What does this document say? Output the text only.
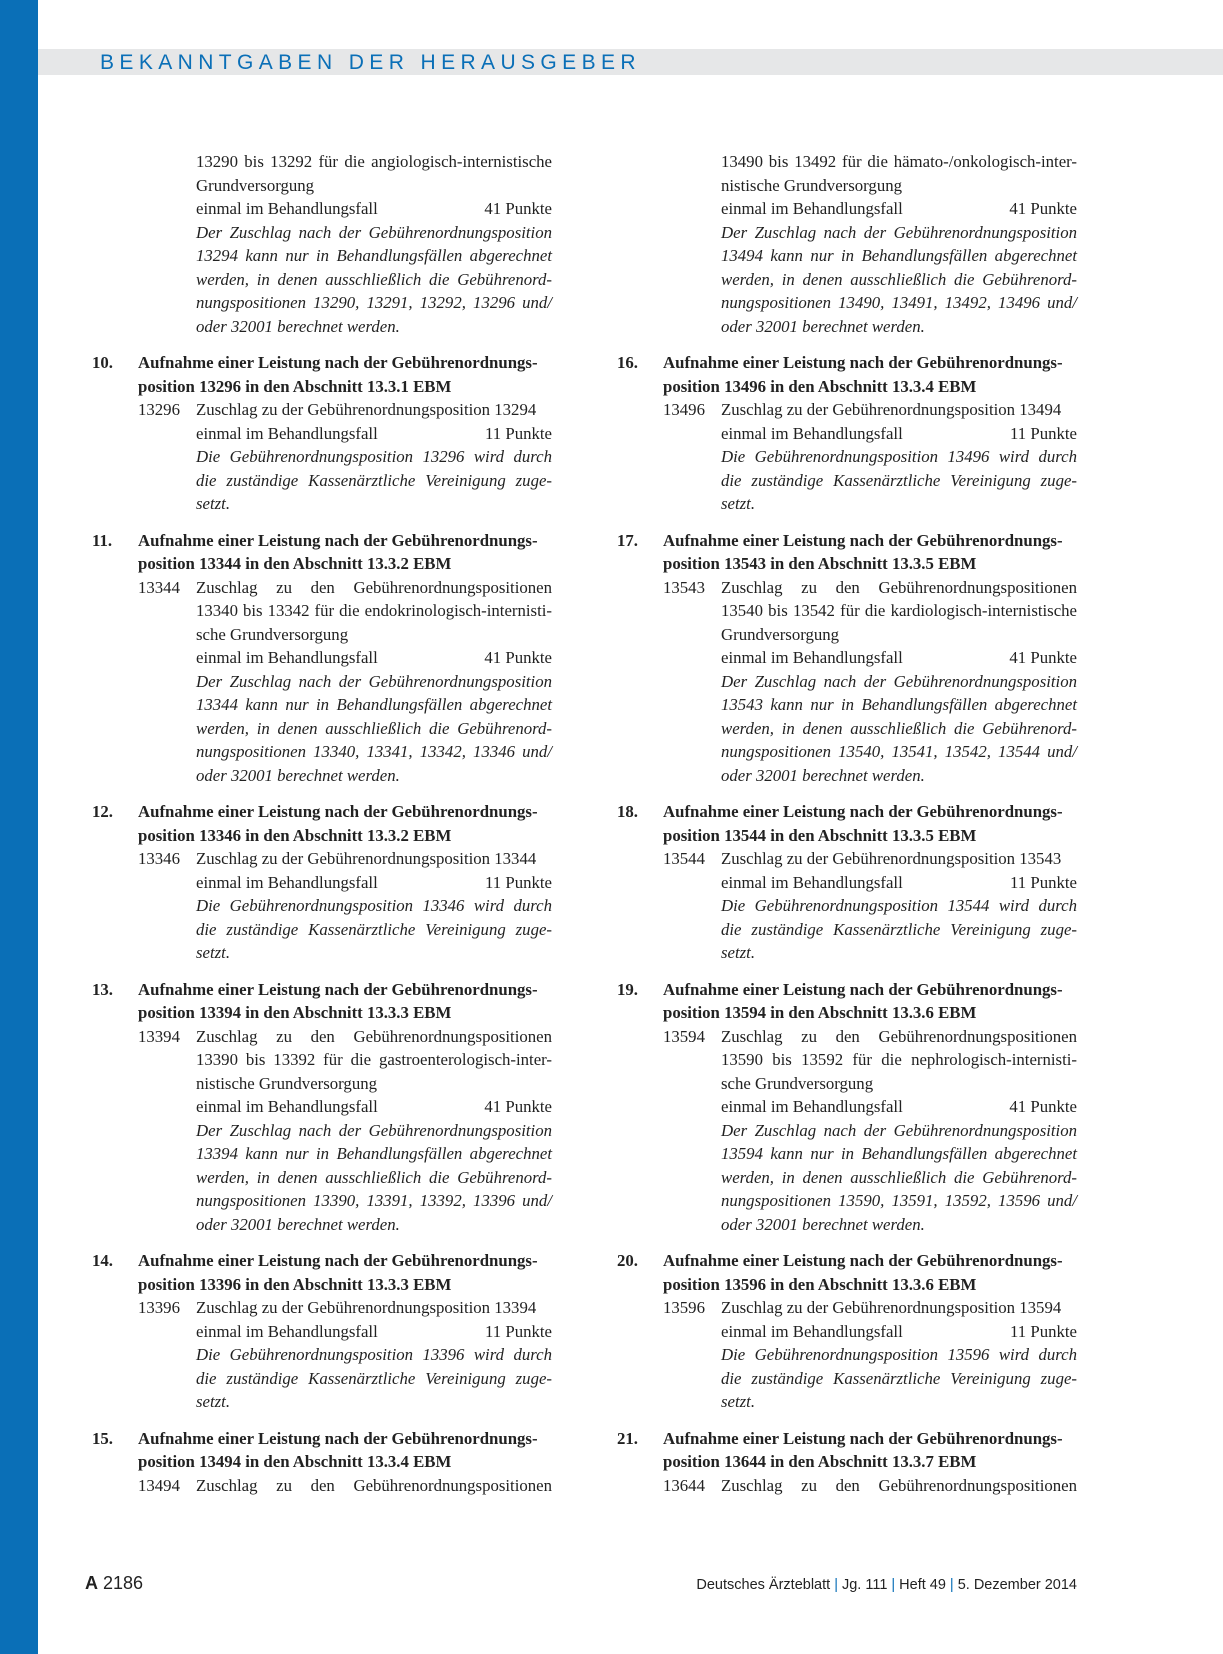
BEKANNTGABEN DER HERAUSGEBER
13290 bis 13292 für die angiologisch-internistische
Grundversorgung
einmal im Behandlungsfall	41 Punkte
Der Zuschlag nach der Gebührenordnungsposition
13294 kann nur in Behandlungsfällen abgerechnet
werden, in denen ausschließlich die Gebührenord-
nungspositionen 13290, 13291, 13292, 13296 und/
oder 32001 berechnet werden.
10. Aufnahme einer Leistung nach der Gebührenordnungs-
position 13296 in den Abschnitt 13.3.1 EBM
13296 Zuschlag zu der Gebührenordnungsposition 13294
einmal im Behandlungsfall	11 Punkte
Die Gebührenordnungsposition 13296 wird durch
die zuständige Kassenärztliche Vereinigung zuge-
setzt.
11. Aufnahme einer Leistung nach der Gebührenordnungs-
position 13344 in den Abschnitt 13.3.2 EBM
13344 Zuschlag zu den Gebührenordnungspositionen
13340 bis 13342 für die endokrinologisch-internisti-
sche Grundversorgung
einmal im Behandlungsfall	41 Punkte
Der Zuschlag nach der Gebührenordnungsposition
13344 kann nur in Behandlungsfällen abgerechnet
werden, in denen ausschließlich die Gebührenord-
nungspositionen 13340, 13341, 13342, 13346 und/
oder 32001 berechnet werden.
12. Aufnahme einer Leistung nach der Gebührenordnungs-
position 13346 in den Abschnitt 13.3.2 EBM
13346 Zuschlag zu der Gebührenordnungsposition 13344
einmal im Behandlungsfall	11 Punkte
Die Gebührenordnungsposition 13346 wird durch
die zuständige Kassenärztliche Vereinigung zuge-
setzt.
13. Aufnahme einer Leistung nach der Gebührenordnungs-
position 13394 in den Abschnitt 13.3.3 EBM
13394 Zuschlag zu den Gebührenordnungspositionen
13390 bis 13392 für die gastroenterologisch-inter-
nistische Grundversorgung
einmal im Behandlungsfall	41 Punkte
Der Zuschlag nach der Gebührenordnungsposition
13394 kann nur in Behandlungsfällen abgerechnet
werden, in denen ausschließlich die Gebührenord-
nungspositionen 13390, 13391, 13392, 13396 und/
oder 32001 berechnet werden.
14. Aufnahme einer Leistung nach der Gebührenordnungs-
position 13396 in den Abschnitt 13.3.3 EBM
13396 Zuschlag zu der Gebührenordnungsposition 13394
einmal im Behandlungsfall	11 Punkte
Die Gebührenordnungsposition 13396 wird durch
die zuständige Kassenärztliche Vereinigung zuge-
setzt.
15. Aufnahme einer Leistung nach der Gebührenordnungs-
position 13494 in den Abschnitt 13.3.4 EBM
13494 Zuschlag zu den Gebührenordnungspositionen
13490 bis 13492 für die hämato-/onkologisch-inter-
nistische Grundversorgung
einmal im Behandlungsfall	41 Punkte
Der Zuschlag nach der Gebührenordnungsposition
13494 kann nur in Behandlungsfällen abgerechnet
werden, in denen ausschließlich die Gebührenord-
nungspositionen 13490, 13491, 13492, 13496 und/
oder 32001 berechnet werden.
16. Aufnahme einer Leistung nach der Gebührenordnungs-
position 13496 in den Abschnitt 13.3.4 EBM
13496 Zuschlag zu der Gebührenordnungsposition 13494
einmal im Behandlungsfall	11 Punkte
Die Gebührenordnungsposition 13496 wird durch
die zuständige Kassenärztliche Vereinigung zuge-
setzt.
17. Aufnahme einer Leistung nach der Gebührenordnungs-
position 13543 in den Abschnitt 13.3.5 EBM
13543 Zuschlag zu den Gebührenordnungspositionen
13540 bis 13542 für die kardiologisch-internistische
Grundversorgung
einmal im Behandlungsfall	41 Punkte
Der Zuschlag nach der Gebührenordnungsposition
13543 kann nur in Behandlungsfällen abgerechnet
werden, in denen ausschließlich die Gebührenord-
nungspositionen 13540, 13541, 13542, 13544 und/
oder 32001 berechnet werden.
18. Aufnahme einer Leistung nach der Gebührenordnungs-
position 13544 in den Abschnitt 13.3.5 EBM
13544 Zuschlag zu der Gebührenordnungsposition 13543
einmal im Behandlungsfall	11 Punkte
Die Gebührenordnungsposition 13544 wird durch
die zuständige Kassenärztliche Vereinigung zuge-
setzt.
19. Aufnahme einer Leistung nach der Gebührenordnungs-
position 13594 in den Abschnitt 13.3.6 EBM
13594 Zuschlag zu den Gebührenordnungspositionen
13590 bis 13592 für die nephrologisch-internisti-
sche Grundversorgung
einmal im Behandlungsfall	41 Punkte
Der Zuschlag nach der Gebührenordnungsposition
13594 kann nur in Behandlungsfällen abgerechnet
werden, in denen ausschließlich die Gebührenord-
nungspositionen 13590, 13591, 13592, 13596 und/
oder 32001 berechnet werden.
20. Aufnahme einer Leistung nach der Gebührenordnungs-
position 13596 in den Abschnitt 13.3.6 EBM
13596 Zuschlag zu der Gebührenordnungsposition 13594
einmal im Behandlungsfall	11 Punkte
Die Gebührenordnungsposition 13596 wird durch
die zuständige Kassenärztliche Vereinigung zuge-
setzt.
21. Aufnahme einer Leistung nach der Gebührenordnungs-
position 13644 in den Abschnitt 13.3.7 EBM
13644 Zuschlag zu den Gebührenordnungspositionen
A 2186	Deutsches Ärzteblatt | Jg. 111 | Heft 49 | 5. Dezember 2014
